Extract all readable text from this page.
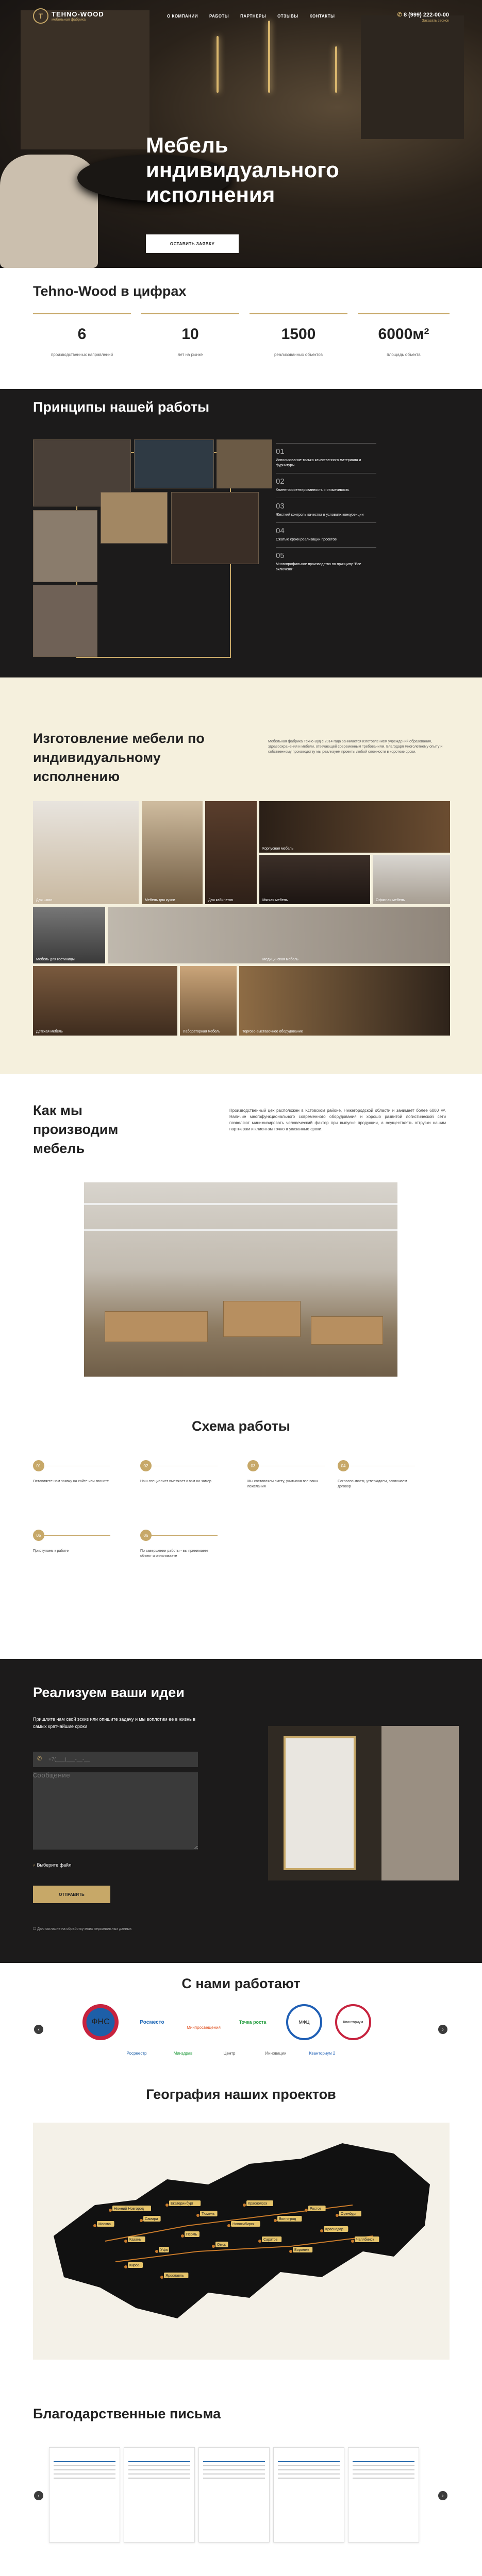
T	TEHNO-WOOD
мебельная фабрика
О КОМПАНИИ	РАБОТЫ	ПАРТНЕРЫ	ОТЗЫВЫ	КОНТАКТЫ	✆ 8 (999) 222-00-00
Заказать звонок
Мебель индивидуального исполнения
ОСТАВИТЬ ЗАЯВКУ
Tehno-Wood в цифрах
6
производственных направлений
10
лет на рынке
1500
реализованных объектов
6000м²
площадь объекта
Принципы нашей работы
01
Использование только качественного материала и фурнитуры
02
Клиентоориентированность и отзывчивость
03
Жесткий контроль качества в условиях конкуренции
04
Сжатые сроки реализации проектов
05
Многопрофильное производство по принципу "Все включено"
Изготовление мебели по индивидуальному исполнению

Мебельная фабрика Техно-Вуд с 2014 года занимается изготовлением учреждений образования, здравоохранения и мебели, отвечающей современным требованиям. Благодаря многолетнему опыту и собственному производству мы реализуем проекты любой сложности в короткие сроки.

Для школ	Мебель для кухни	Для кабинетов
Корпусная мебель
Мягкая мебель	Офисная мебель
Мебель для гостиницы	Медицинская мебель
Детская мебель	Лабораторная мебель	Торгово-выставочное оборудование
Как мы производим мебель

Производственный цех расположен в Кстовском районе, Нижегородской области и занимает более 6000 м². Наличие многофункционального современного оборудования и хорошо развитой логистической сети позволяют минимизировать человеческий фактор при выпуске продукции, а осуществлять отгрузки нашим партнерам и клиентам точно в указанные сроки.

Схема работы
01
Оставляете нам заявку на сайте или звоните
02
Наш специалист выезжает к вам на замер
03
Мы составляем смету, учитывая все ваши пожелания
04
Согласовываем, утверждаем, заключаем договор
05
Приступаем к работе
06
По завершении работы - вы принимаете объект и оплачиваете
Реализуем ваши идеи

Пришлите нам свой эскиз или опишите задачу и мы воплотим ее в жизнь в самых кратчайшие сроки

✆
+7(___)___-__-__
Сообщение
⌕ Выберите файл
ОТПРАВИТЬ
☐ Даю согласие на обработку моих персональных данных
С нами работают
‹	›
ФНС	Росместо
Минпросвещения
Точка роста	МФЦ	Кванториум
Росреестр	Минздрав	Центр	Инновации	Кванториум 2
География наших проектов
Москва
Нижний Новгород
Казань
Самара
Уфа
Екатеринбург
Пермь
Тюмень
Омск
Новосибирск
Красноярск
Саратов
Волгоград
Воронеж
Ростов
Краснодар
Оренбург
Челябинск
Киров
Ярославль
Благодарственные письма
‹	›
